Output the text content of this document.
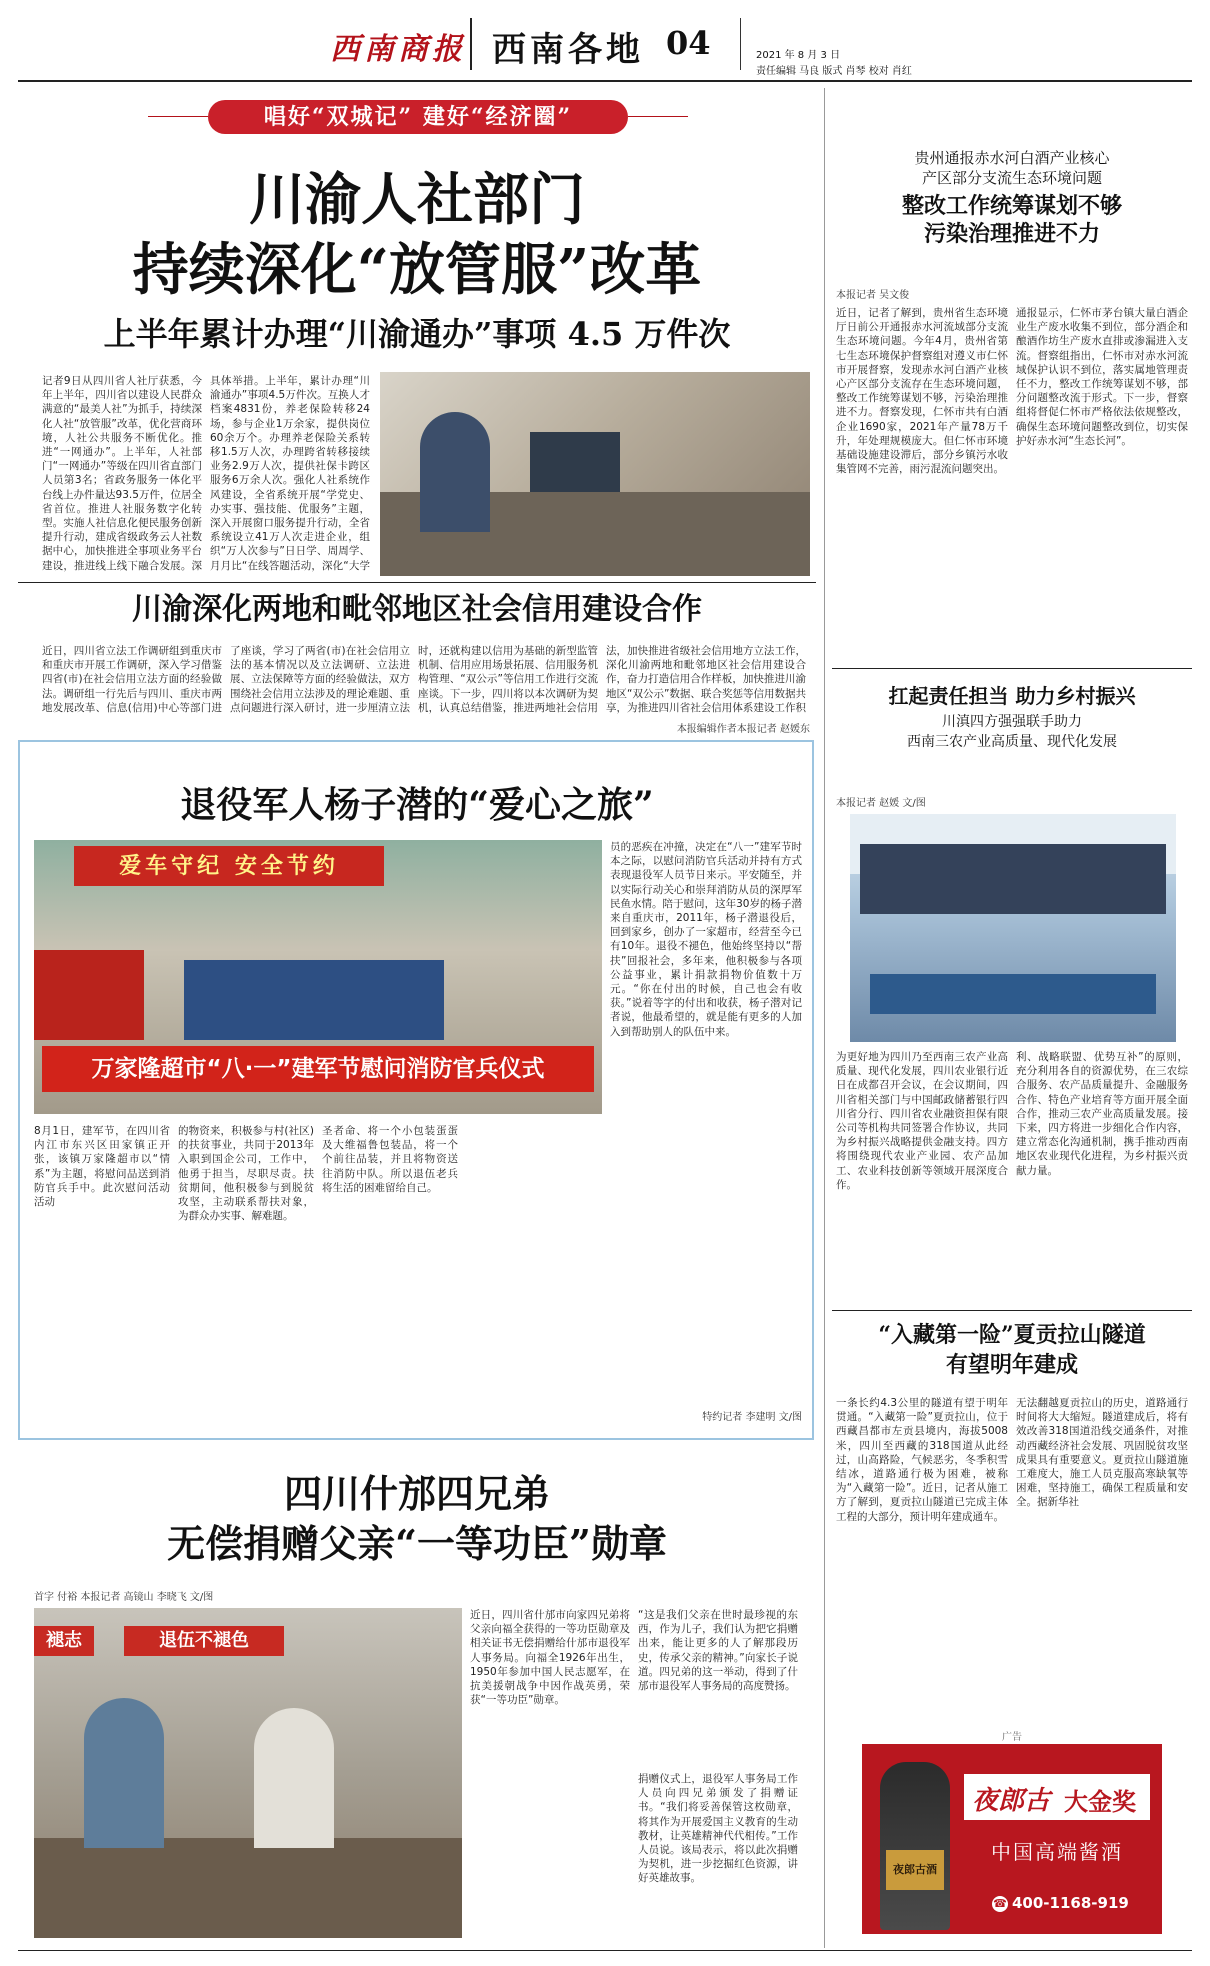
西南商报 西南各地 04	2021 年 8 月 3 日
责任编辑 马良 版式 肖琴 校对 肖红
唱好“双城记” 建好“经济圈”
川渝人社部门
持续深化“放管服”改革
上半年累计办理“川渝通办”事项 4.5 万件次
记者9日从四川省人社厅获悉，今年上半年，四川省以建设人民群众满意的“最美人社”为抓手，持续深化人社“放管服”改革，优化营商环境，人社公共服务不断优化。推进“一网通办”。上半年，人社部门“一网通办”等级在四川省直部门人员第3名；省政务服务一体化平台线上办件量达93.5万件，位居全省首位。推进人社服务数字化转型。实施人社信息化便民服务创新提升行动，建成省级政务云人社数据中心，加快推进全事项业务平台建设，推进线上线下融合发展。深
具体举措。上半年，累计办理“川渝通办”事项4.5万件次。互换人才档案4831份，养老保险转移24场，参与企业1万余家，提供岗位60余万个。办理养老保险关系转移1.5万人次，办理跨省转移接续业务2.9万人次，提供社保卡跨区服务6万余人次。强化人社系统作风建设，全省系统开展“学党史、办实事、强技能、优服务”主题，深入开展窗口服务提升行动，全省系统设立41万人次走进企业，组织“万人次参与”日日学、周周学、月月比“在线答题活动，深化“大学
川渝深化两地和毗邻地区社会信用建设合作
近日，四川省立法工作调研组到重庆市和重庆市开展工作调研，深入学习借鉴四省(市)在社会信用立法方面的经验做法。调研组一行先后与四川、重庆市两地发展改革、信息(信用)中心等部门进
了座谈，学习了两省(市)在社会信用立法的基本情况以及立法调研、立法进展、立法保障等方面的经验做法，双方围绕社会信用立法涉及的理论难题、重点问题进行深入研讨，进一步厘清立法
时，还就构建以信用为基础的新型监管机制、信用应用场景拓展、信用服务机构管理、“双公示”等信用工作进行交流座谈。下一步，四川将以本次调研为契机，认真总结借鉴，推进两地社会信用
法，加快推进省级社会信用地方立法工作，深化川渝两地和毗邻地区社会信用建设合作，奋力打造信用合作样板，加快推进川渝地区“双公示”数据、联合奖惩等信用数据共享，为推进四川省社会信用体系建设工作积
本报编辑作者本报记者 赵媛东
退役军人杨子潜的“爱心之旅”
爱车守纪 安全节约
万家隆超市“八·一”建军节慰问消防官兵仪式
员的恶疾在冲撞，决定在“八一”建军节时本之际，以慰问消防官兵活动并持有方式表现退役军人员节日来示。平安随至，并以实际行动关心和崇拜消防从员的深厚军民鱼水情。陪于慰问，这年30岁的杨子潜来自重庆市，2011年，杨子潜退役后，回到家乡，创办了一家超市，经营至今已有10年。退役不褪色，他始终坚持以“帮扶”回报社会，多年来，他积极参与各项公益事业，累计捐款捐物价值数十万元。“你在付出的时候，自己也会有收获。”说着等字的付出和收获，杨子潜对记者说，他最希望的，就是能有更多的人加入到帮助别人的队伍中来。
8月1日，建军节，在四川省内江市东兴区田家镇正开张，该镇万家隆超市以“情系”为主题，将慰问品送到消防官兵手中。此次慰问活动活动
的物资来，积极参与村(社区)的扶贫事业，共同于2013年入职到国企公司，工作中，他勇于担当，尽职尽责。扶贫期间，他积极参与到脱贫攻坚，主动联系帮扶对象，为群众办实事、解难题。
圣者命、将一个小包装蛋蛋及大维福鲁包装品，将一个个前往品装，并且将物资送往消防中队。所以退伍老兵将生活的困难留给自己。
特约记者 李建明 文/图
四川什邡四兄弟
无偿捐赠父亲“一等功臣”勋章
首字 付裕 本报记者 高镜山 李晓飞 文/图
褪志	退伍不褪色
近日，四川省什邡市向家四兄弟将父亲向福全获得的一等功臣勋章及相关证书无偿捐赠给什邡市退役军人事务局。向福全1926年出生，1950年参加中国人民志愿军，在抗美援朝战争中因作战英勇，荣获“一等功臣”勋章。
“这是我们父亲在世时最珍视的东西，作为儿子，我们认为把它捐赠出来，能让更多的人了解那段历史，传承父亲的精神。”向家长子说道。四兄弟的这一举动，得到了什邡市退役军人事务局的高度赞扬。
捐赠仪式上，退役军人事务局工作人员向四兄弟颁发了捐赠证书。“我们将妥善保管这枚勋章，将其作为开展爱国主义教育的生动教材，让英雄精神代代相传。”工作人员说。该局表示，将以此次捐赠为契机，进一步挖掘红色资源，讲好英雄故事。
贵州通报赤水河白酒产业核心
产区部分支流生态环境问题
整改工作统筹谋划不够
污染治理推进不力
本报记者 吴文俊
近日，记者了解到，贵州省生态环境厅日前公开通报赤水河流域部分支流生态环境问题。今年4月，贵州省第七生态环境保护督察组对遵义市仁怀市开展督察，发现赤水河白酒产业核心产区部分支流存在生态环境问题，整改工作统筹谋划不够，污染治理推进不力。督察发现，仁怀市共有白酒企业1690家，2021年产量78万千升，年处理规模庞大。但仁怀市环境基础设施建设滞后，部分乡镇污水收集管网不完善，雨污混流问题突出。
通报显示，仁怀市茅台镇大量白酒企业生产废水收集不到位，部分酒企和酿酒作坊生产废水直排或渗漏进入支流。督察组指出，仁怀市对赤水河流域保护认识不到位，落实属地管理责任不力，整改工作统筹谋划不够，部分问题整改流于形式。下一步，督察组将督促仁怀市严格依法依规整改，确保生态环境问题整改到位，切实保护好赤水河“生态长河”。
扛起责任担当 助力乡村振兴
川滇四方强强联手助力
西南三农产业高质量、现代化发展
本报记者 赵媛 文/图
为更好地为四川乃至西南三农产业高质量、现代化发展，四川农业银行近日在成都召开会议，在会议期间，四川省相关部门与中国邮政储蓄银行四川省分行、四川省农业融资担保有限公司等机构共同签署合作协议，共同为乡村振兴战略提供金融支持。四方将围绕现代农业产业园、农产品加工、农业科技创新等领域开展深度合作。
利、战略联盟、优势互补”的原则，充分利用各自的资源优势，在三农综合服务、农产品质量提升、金融服务合作、特色产业培育等方面开展全面合作，推动三农产业高质量发展。接下来，四方将进一步细化合作内容，建立常态化沟通机制，携手推动西南地区农业现代化进程，为乡村振兴贡献力量。
“入藏第一险”夏贡拉山隧道
有望明年建成
一条长约4.3公里的隧道有望于明年贯通。“入藏第一险”夏贡拉山，位于西藏昌都市左贡县境内，海拔5008米，四川至西藏的318国道从此经过，山高路险，气候恶劣，冬季积雪结冰，道路通行极为困难，被称为“入藏第一险”。近日，记者从施工方了解到，夏贡拉山隧道已完成主体工程的大部分，预计明年建成通车。
无法翻越夏贡拉山的历史，道路通行时间将大大缩短。隧道建成后，将有效改善318国道沿线交通条件，对推动西藏经济社会发展、巩固脱贫攻坚成果具有重要意义。夏贡拉山隧道施工难度大，施工人员克服高寒缺氧等困难，坚持施工，确保工程质量和安全。据新华社
广告
夜郎古酒
夜郎古 大金奖
中国高端酱酒
☎ 400-1168-919
